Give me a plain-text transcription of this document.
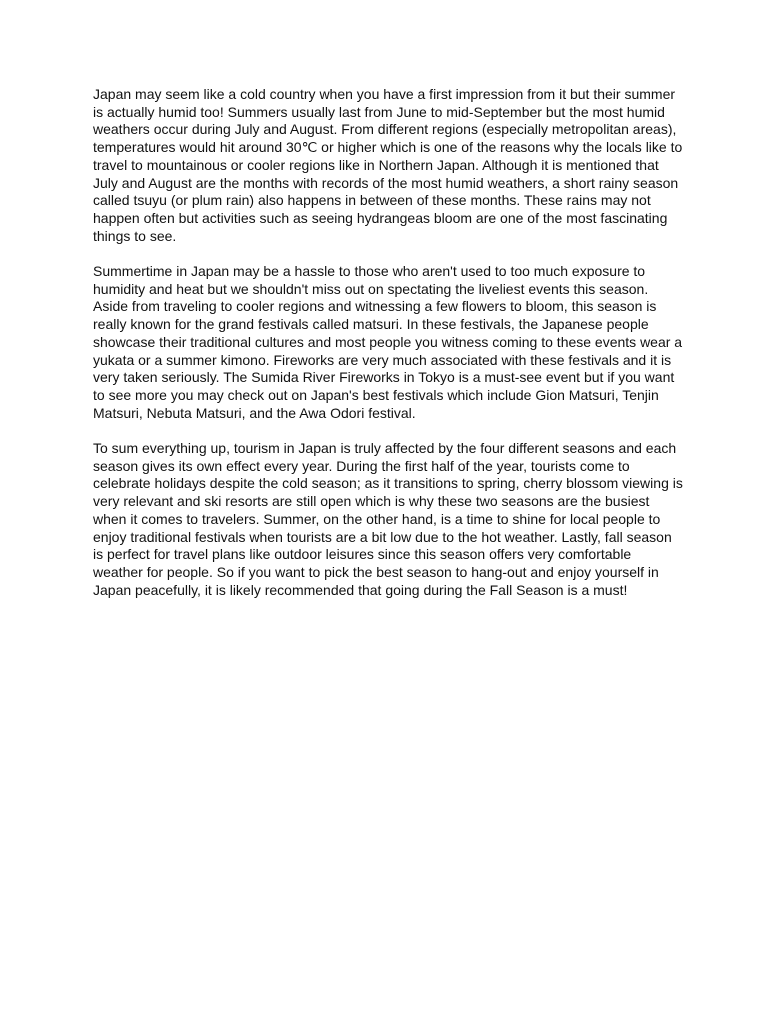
Japan may seem like a cold country when you have a first impression from it but their summer is actually humid too! Summers usually last from June to mid-September but the most humid weathers occur during July and August. From different regions (especially metropolitan areas), temperatures would hit around 30℃ or higher which is one of the reasons why the locals like to travel to mountainous or cooler regions like in Northern Japan. Although it is mentioned that July and August are the months with records of the most humid weathers, a short rainy season called tsuyu (or plum rain) also happens in between of these months. These rains may not happen often but activities such as seeing hydrangeas bloom are one of the most fascinating things to see.

Summertime in Japan may be a hassle to those who aren't used to too much exposure to humidity and heat but we shouldn't miss out on spectating the liveliest events this season. Aside from traveling to cooler regions and witnessing a few flowers to bloom, this season is really known for the grand festivals called matsuri. In these festivals, the Japanese people showcase their traditional cultures and most people you witness coming to these events wear a yukata or a summer kimono. Fireworks are very much associated with these festivals and it is very taken seriously. The Sumida River Fireworks in Tokyo is a must-see event but if you want to see more you may check out on Japan's best festivals which include Gion Matsuri, Tenjin Matsuri, Nebuta Matsuri, and the Awa Odori festival.

To sum everything up, tourism in Japan is truly affected by the four different seasons and each season gives its own effect every year. During the first half of the year, tourists come to celebrate holidays despite the cold season; as it transitions to spring, cherry blossom viewing is very relevant and ski resorts are still open which is why these two seasons are the busiest when it comes to travelers. Summer, on the other hand, is a time to shine for local people to enjoy traditional festivals when tourists are a bit low due to the hot weather. Lastly, fall season is perfect for travel plans like outdoor leisures since this season offers very comfortable weather for people. So if you want to pick the best season to hang-out and enjoy yourself in Japan peacefully, it is likely recommended that going during the Fall Season is a must!
